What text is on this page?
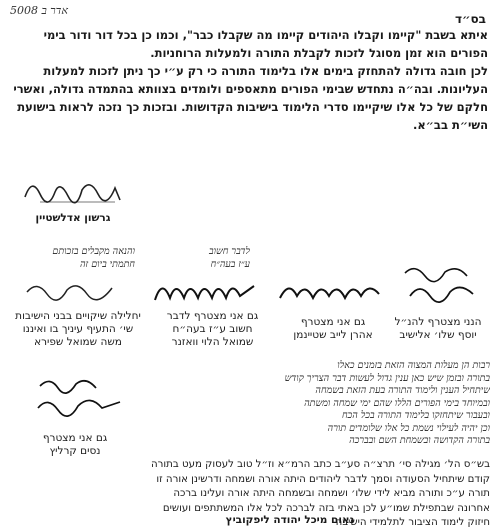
אדר ב 5008
בס״ד

איתא בשבת "קיימו וקבלו היהודים קיימו מה שקבלו כבר", וכמו כן בכל דור ודור בימי הפורים הוא זמן מסוגל לזכות לקבלת התורה ולמעלות הרוחניות.

לכן חובה גדולה להתחזק בימים אלו בלימוד התורה כי רק ע״י כך ניתן לזכות למעלות העליונות. ובה״ה נתחדש שבימי הפורים מתאספים ולומדים בצוותא בהתמדה גדולה, ואשרי חלקם של כל אלו שיקיימו סדרי הלימוד בישיבות הקדושות. ובזכות כך נזכה לראות בישועת השי״ת בב״א.

גרשון אדלשטיין
והנאה מקבלים בזכותם
חתמתי ביום זה
לדבר חשוב
ע״ז בעה״ח
הנני מצטרף להנ״ל
יוסף שלו׳ אלישיב
גם אני מצטרף
אהרן לייב שטיינמן
גם אני מצטרף לדבר
חשוב ע״ז בעה״ח
שמואל הלוי וואזנר
יחלילה שיקויים בבני הישיבות
שי׳ התעיף עיניך בו ואיננו
משה שמואל שפירא
רבות הן מעלות המצוה הזאת בזמנים כאלו
בתורה ובזמן שיש כאן ענין גדול לעשות דבר הצריך קודש
שיתחיל הענין ולימוד התורה בעת הזאת בשמחה
ובמיוחד בימי הפורים הללו שהם ימי שמחה ומשתה
ובעבור שיתחזקו בלימוד התורה בכל הכח
וכן יהיה לעילוי נשמת כל אלו שלומדים תורה
בתורה הקדושה ובשמחת השם ובברכה
גם אני מצטרף
נסים קרליץ
בש״ס הל׳ מגילה סי׳ תרצ״ה סע״ב כתב הרמ״א וז״ל טוב לעסוק מעט בתורה קודם שיתחיל הסעודה וסמך לדבר ליהודים היתה אורה ושמחה ודרשינן אורה זו תורה ע״כ ותורה מביא לידי שלו׳ ושמחה ובשמחה היתה אורה ועלינו ברכה אחרונה שבתפילת שמו״ע לכן באתי בזה לברכה לכל אלו המשתתפים ועושים חיזוק לימוד הציבור לתלמידי הישיבה
נאום מיכל יהודה ליפקוביץ
